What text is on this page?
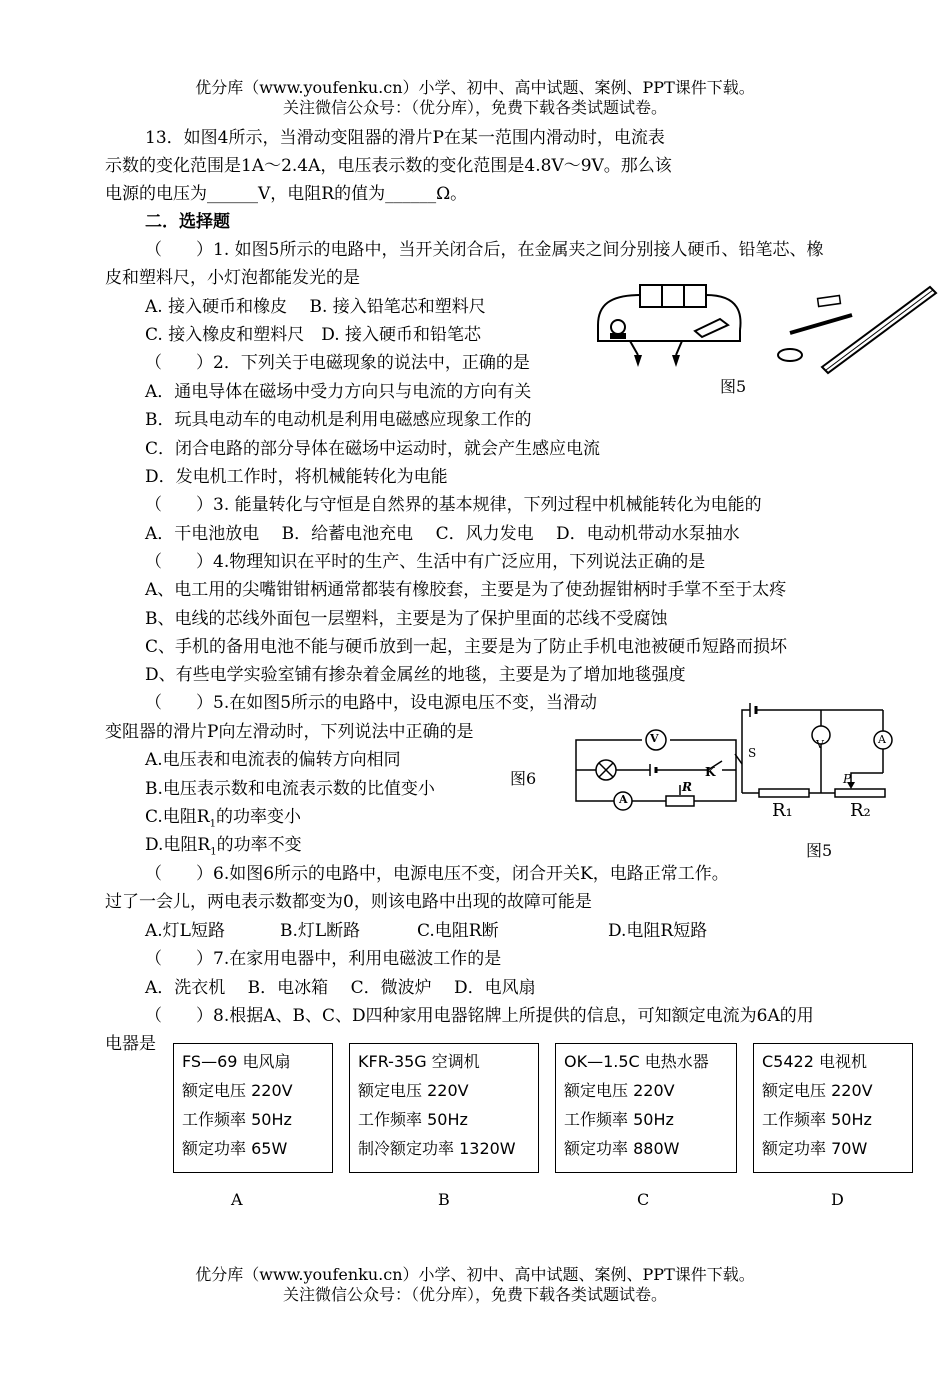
优分库（www.youfenku.cn）小学、初中、高中试题、案例、PPT课件下载。
关注微信公众号：（优分库），免费下载各类试题试卷。
13．如图4所示，当滑动变阻器的滑片P在某一范围内滑动时，电流表
示数的变化范围是1A～2.4A，电压表示数的变化范围是4.8V～9V。那么该
电源的电压为______V，电阻R的值为______Ω。
二．选择题
（　　）1. 如图5所示的电路中，当开关闭合后，在金属夹之间分别接人硬币、铅笔芯、橡
皮和塑料尺，小灯泡都能发光的是
A. 接入硬币和橡皮　 B. 接入铅笔芯和塑料尺
C. 接入橡皮和塑料尺　D. 接入硬币和铅笔芯
图5
（　　）2．下列关于电磁现象的说法中，正确的是
A．通电导体在磁场中受力方向只与电流的方向有关
B．玩具电动车的电动机是利用电磁感应现象工作的
C．闭合电路的部分导体在磁场中运动时，就会产生感应电流
D．发电机工作时，将机械能转化为电能
（　　）3. 能量转化与守恒是自然界的基本规律，下列过程中机械能转化为电能的
A．干电池放电　 B．给蓄电池充电　 C．风力发电　 D．电动机带动水泵抽水
（　　）4.物理知识在平时的生产、生活中有广泛应用，下列说法正确的是
A、电工用的尖嘴钳钳柄通常都装有橡胶套，主要是为了使劲握钳柄时手掌不至于太疼
B、电线的芯线外面包一层塑料，主要是为了保护里面的芯线不受腐蚀
C、手机的备用电池不能与硬币放到一起，主要是为了防止手机电池被硬币短路而损坏
D、有些电学实验室铺有掺杂着金属丝的地毯，主要是为了增加地毯强度
（　　）5.在如图5所示的电路中，设电源电压不变，当滑动
变阻器的滑片P向左滑动时，下列说法中正确的是
A.电压表和电流表的偏转方向相同
B.电压表示数和电流表示数的比值变小
C.电阻$R_1$的功率变小
D.电阻$R_1$的功率不变
图6
V
A
K
R
V	A
S
P
R₁	R₂
图5
（　　）6.如图6所示的电路中，电源电压不变，闭合开关K，电路正常工作。
过了一会儿，两电表示数都变为0，则该电路中出现的故障可能是
A.灯L短路	B.灯L断路	C.电阻R断	D.电阻R短路
（　　）7.在家用电器中，利用电磁波工作的是
A．洗衣机　 B．电冰箱　 C．微波炉　 D．电风扇
（　　）8.根据A、B、C、D四种家用电器铭牌上所提供的信息，可知额定电流为6A的用
电器是
FS—69 电风扇
额定电压 220V
工作频率 50Hz
额定功率 65W
KFR-35G 空调机
额定电压 220V
工作频率 50Hz
制冷额定功率 1320W
OK—1.5C 电热水器
额定电压 220V
工作频率 50Hz
额定功率 880W
C5422 电视机
额定电压 220V
工作频率 50Hz
额定功率 70W
A	B	C	D
优分库（www.youfenku.cn）小学、初中、高中试题、案例、PPT课件下载。
关注微信公众号：（优分库），免费下载各类试题试卷。
